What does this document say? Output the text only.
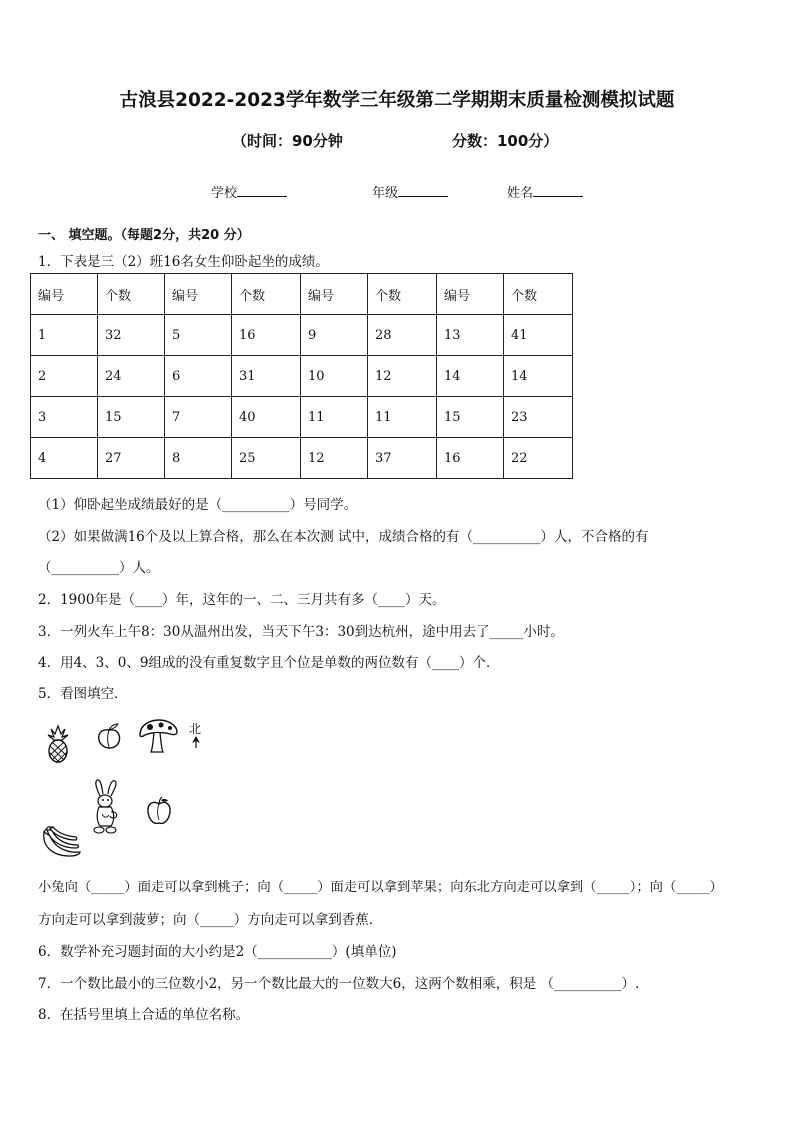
古浪县2022-2023学年数学三年级第二学期期末质量检测模拟试题
（时间：90分钟	分数：100分）
学校	年级	姓名
一、 填空题。（每题2分，共20 分）
1．下表是三（2）班16名女生仰卧起坐的成绩。
编号	个数	编号	个数	编号	个数	编号	个数
1	32	5	16	9	28	13	41
2	24	6	31	10	12	14	14
3	15	7	40	11	11	15	23
4	27	8	25	12	37	16	22
（1）仰卧起坐成绩最好的是（__________）号同学。
（2）如果做满16个及以上算合格，那么在本次测 试中，成绩合格的有（__________）人，不合格的有
（__________）人。
2．1900年是（____）年，这年的一、二、三月共有多（____）天。
3．一列火车上午8：30从温州出发，当天下午3：30到达杭州，途中用去了_____小时。
4．用4、3、0、9组成的没有重复数字且个位是单数的两位数有（____）个．
5．看图填空．
北
小兔向（_____）面走可以拿到桃子；向（_____）面走可以拿到苹果；向东北方向走可以拿到（_____）；向（_____）
方向走可以拿到菠萝；向（_____）方向走可以拿到香蕉．
6．数学补充习题封面的大小约是2（___________）(填单位)
7．一个数比最小的三位数小2，另一个数比最大的一位数大6，这两个数相乘，积是 （__________）.
8．在括号里填上合适的单位名称。
